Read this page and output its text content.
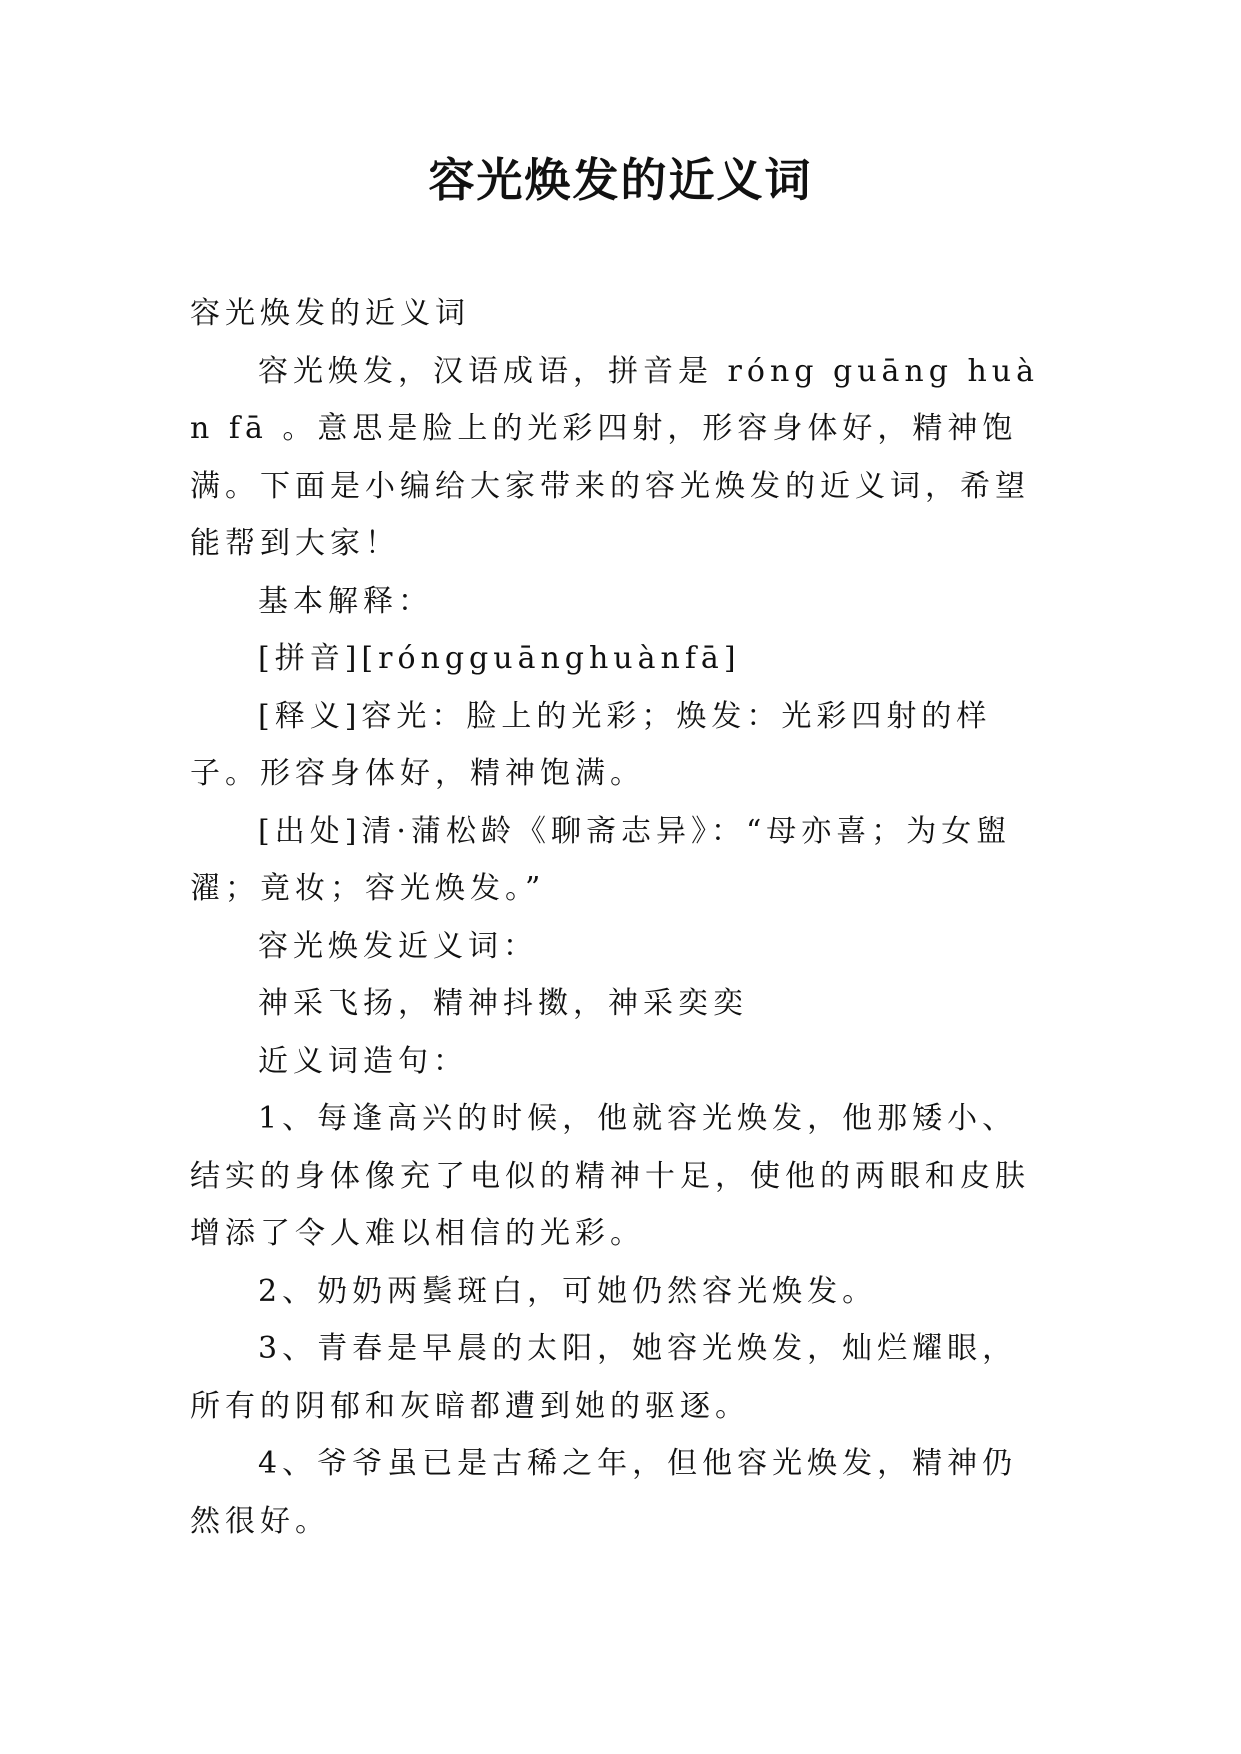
容光焕发的近义词

容光焕发的近义词

容光焕发，汉语成语，拼音是 róng guāng huàn fā 。意思是脸上的光彩四射，形容身体好，精神饱满。下面是小编给大家带来的容光焕发的近义词，希望能帮到大家！

基本解释：

[拼音][róngguānghuànfā]

[释义]容光：脸上的光彩；焕发：光彩四射的样子。形容身体好，精神饱满。

[出处]清·蒲松龄《聊斋志异》：“母亦喜；为女盥濯；竟妆；容光焕发。”

容光焕发近义词：

神采飞扬，精神抖擞，神采奕奕

近义词造句：

1、每逢高兴的时候，他就容光焕发，他那矮小、结实的身体像充了电似的精神十足，使他的两眼和皮肤增添了令人难以相信的光彩。

2、奶奶两鬓斑白，可她仍然容光焕发。

3、青春是早晨的太阳，她容光焕发，灿烂耀眼，所有的阴郁和灰暗都遭到她的驱逐。

4、爷爷虽已是古稀之年，但他容光焕发，精神仍然很好。
